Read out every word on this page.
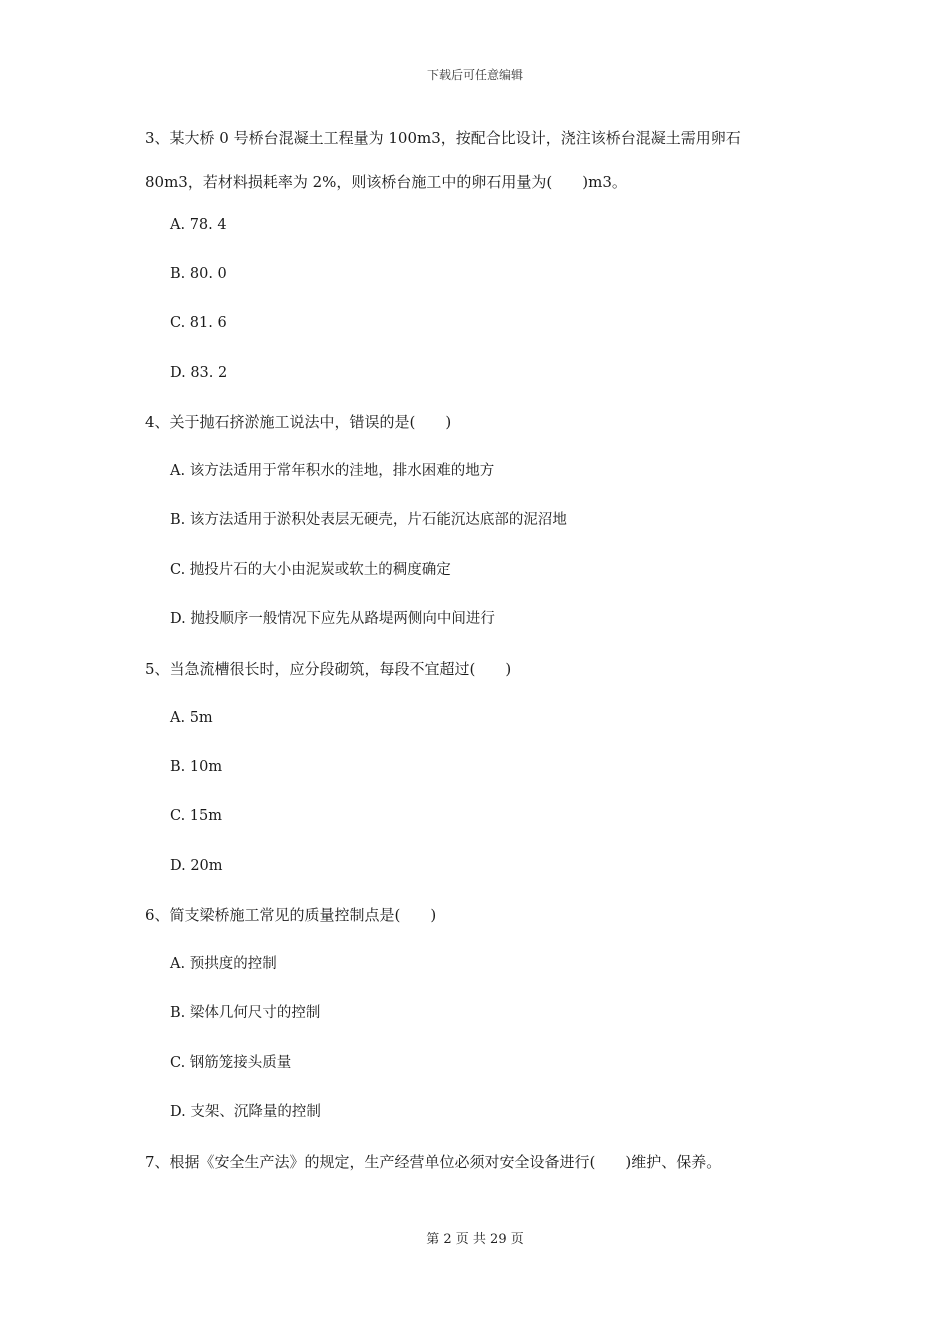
下载后可任意编辑

3、某大桥 0 号桥台混凝土工程量为 100m3，按配合比设计，浇注该桥台混凝土需用卵石

80m3，若材料损耗率为 2%，则该桥台施工中的卵石用量为(　　)m3。

A. 78. 4
B. 80. 0
C. 81. 6
D. 83. 2
4、关于抛石挤淤施工说法中，错误的是(　　)
A. 该方法适用于常年积水的洼地，排水困难的地方
B. 该方法适用于淤积处表层无硬壳，片石能沉达底部的泥沼地
C. 抛投片石的大小由泥炭或软土的稠度确定
D. 抛投顺序一般情况下应先从路堤两侧向中间进行
5、当急流槽很长时，应分段砌筑，每段不宜超过(　　)
A. 5m
B. 10m
C. 15m
D. 20m
6、简支梁桥施工常见的质量控制点是(　　)
A. 预拱度的控制
B. 梁体几何尺寸的控制
C. 钢筋笼接头质量
D. 支架、沉降量的控制
7、根据《安全生产法》的规定，生产经营单位必须对安全设备进行(　　)维护、保养。
第 2 页 共 29 页
